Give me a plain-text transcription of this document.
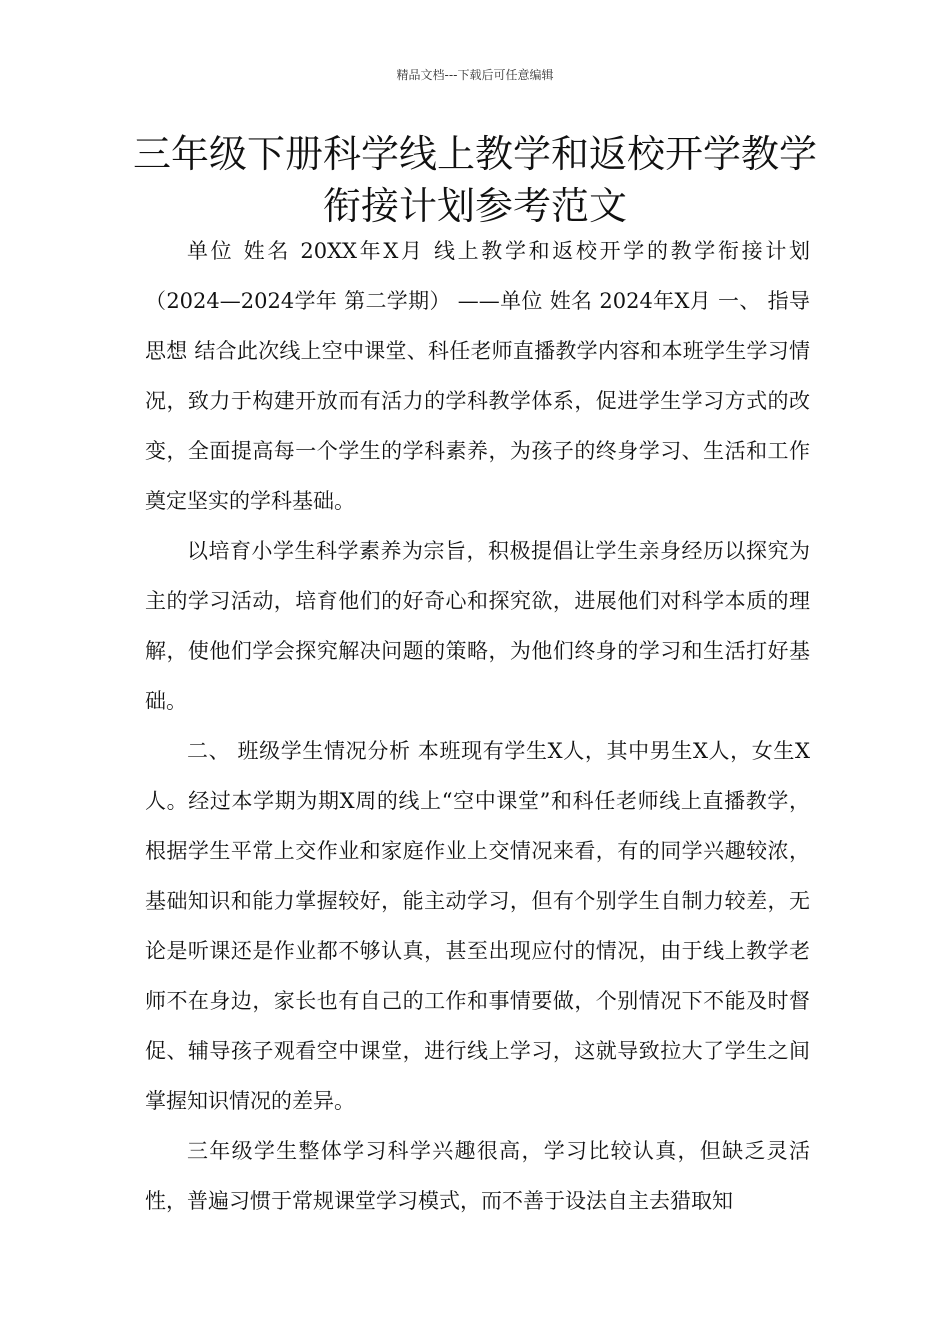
精品文档---下载后可任意编辑
三年级下册科学线上教学和返校开学教学衔接计划参考范文

单位 姓名 20XX年X月 线上教学和返校开学的教学衔接计划（2024—2024学年 第二学期） ——单位 姓名 2024年X月 一、 指导思想 结合此次线上空中课堂、科任老师直播教学内容和本班学生学习情况，致力于构建开放而有活力的学科教学体系，促进学生学习方式的改变，全面提高每一个学生的学科素养，为孩子的终身学习、生活和工作奠定坚实的学科基础。

以培育小学生科学素养为宗旨，积极提倡让学生亲身经历以探究为主的学习活动，培育他们的好奇心和探究欲，进展他们对科学本质的理解，使他们学会探究解决问题的策略，为他们终身的学习和生活打好基础。

二、 班级学生情况分析 本班现有学生X人，其中男生X人，女生X人。经过本学期为期X周的线上“空中课堂”和科任老师线上直播教学，根据学生平常上交作业和家庭作业上交情况来看，有的同学兴趣较浓，基础知识和能力掌握较好，能主动学习，但有个别学生自制力较差，无论是听课还是作业都不够认真，甚至出现应付的情况，由于线上教学老师不在身边，家长也有自己的工作和事情要做，个别情况下不能及时督促、辅导孩子观看空中课堂，进行线上学习，这就导致拉大了学生之间掌握知识情况的差异。

三年级学生整体学习科学兴趣很高，学习比较认真，但缺乏灵活性，普遍习惯于常规课堂学习模式，而不善于设法自主去猎取知
